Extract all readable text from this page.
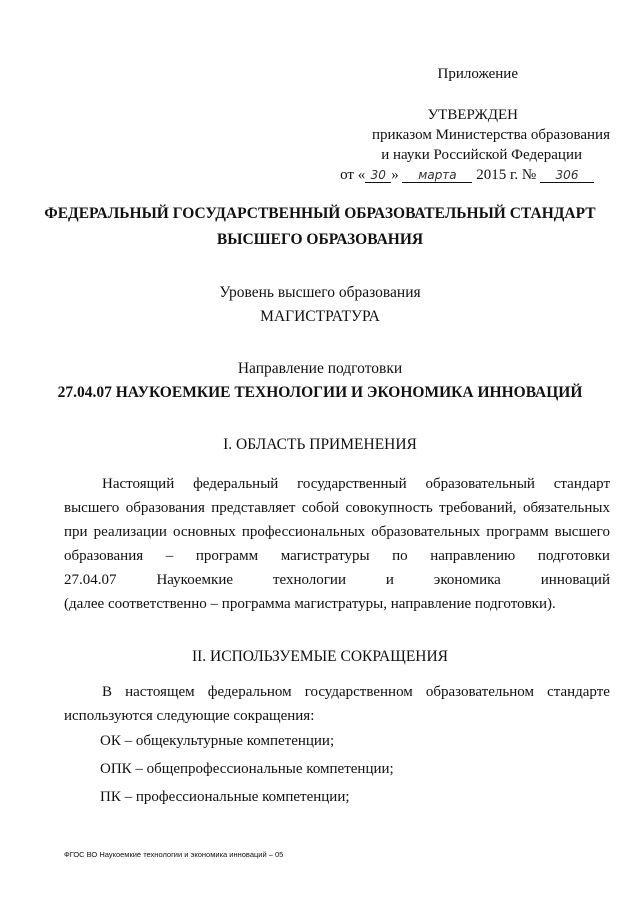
Приложение
УТВЕРЖДЕН
приказом Министерства образования
и науки Российской Федерации
от « 30 » марта 2015 г. № 306
ФЕДЕРАЛЬНЫЙ ГОСУДАРСТВЕННЫЙ ОБРАЗОВАТЕЛЬНЫЙ СТАНДАРТ
ВЫСШЕГО ОБРАЗОВАНИЯ
Уровень высшего образования
МАГИСТРАТУРА
Направление подготовки
27.04.07 НАУКОЕМКИЕ ТЕХНОЛОГИИ И ЭКОНОМИКА ИННОВАЦИЙ
I. ОБЛАСТЬ ПРИМЕНЕНИЯ
Настоящий федеральный государственный образовательный стандарт
высшего образования представляет собой совокупность требований, обязательных
при реализации основных профессиональных образовательных программ высшего
образования – программ магистратуры по направлению подготовки
27.04.07	Наукоемкие	технологии	и	экономика	инноваций
(далее соответственно – программа магистратуры, направление подготовки).
II. ИСПОЛЬЗУЕМЫЕ СОКРАЩЕНИЯ
В настоящем федеральном государственном образовательном стандарте
используются следующие сокращения:
ОК – общекультурные компетенции;
ОПК – общепрофессиональные компетенции;
ПК – профессиональные компетенции;
ФГОС ВО Наукоемкие технологии и экономика инноваций – 05
